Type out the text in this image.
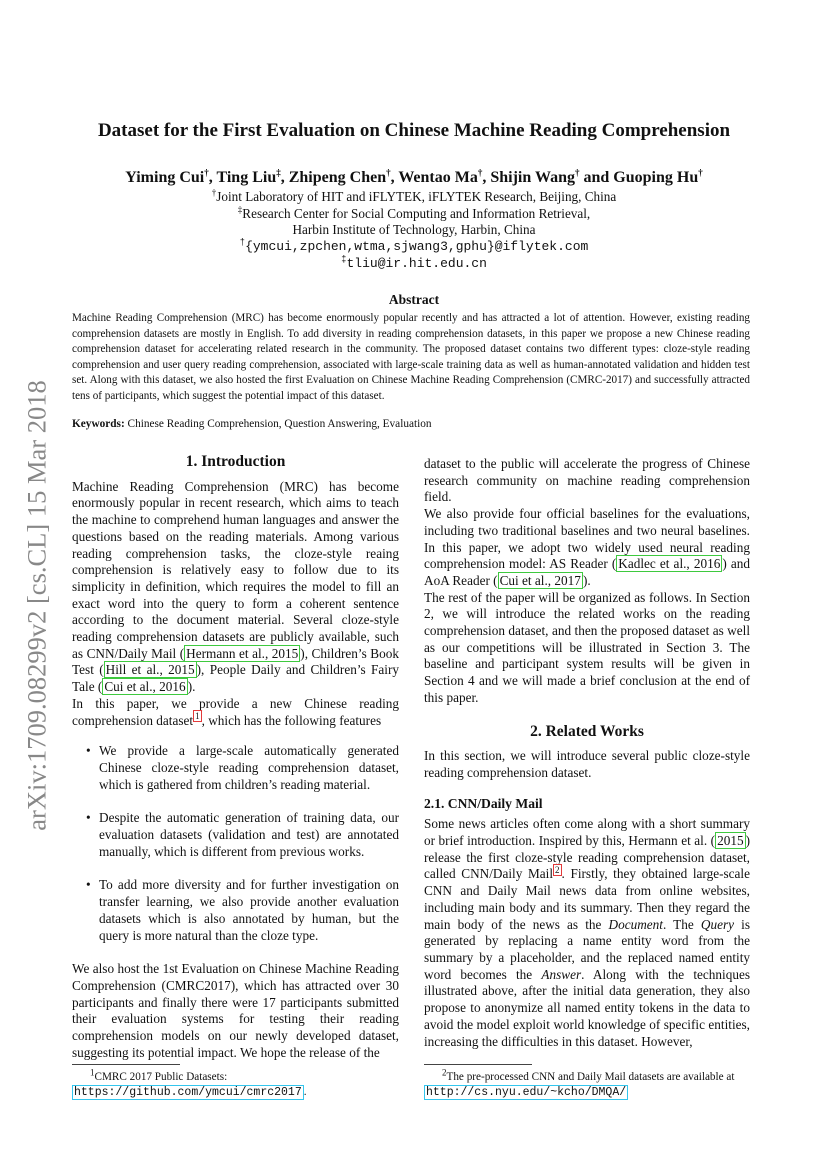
arXiv:1709.08299v2 [cs.CL] 15 Mar 2018
Dataset for the First Evaluation on Chinese Machine Reading Comprehension
Yiming Cui†, Ting Liu‡, Zhipeng Chen†, Wentao Ma†, Shijin Wang† and Guoping Hu†
†Joint Laboratory of HIT and iFLYTEK, iFLYTEK Research, Beijing, China
‡Research Center for Social Computing and Information Retrieval,
Harbin Institute of Technology, Harbin, China
†{ymcui,zpchen,wtma,sjwang3,gphu}@iflytek.com
‡tliu@ir.hit.edu.cn
Abstract
Machine Reading Comprehension (MRC) has become enormously popular recently and has attracted a lot of attention. However, existing reading comprehension datasets are mostly in English. To add diversity in reading comprehension datasets, in this paper we propose a new Chinese reading comprehension dataset for accelerating related research in the community. The proposed dataset contains two different types: cloze-style reading comprehension and user query reading comprehension, associated with large-scale training data as well as human-annotated validation and hidden test set. Along with this dataset, we also hosted the first Evaluation on Chinese Machine Reading Comprehension (CMRC-2017) and successfully attracted tens of participants, which suggest the potential impact of this dataset.
Keywords: Chinese Reading Comprehension, Question Answering, Evaluation
1. Introduction

Machine Reading Comprehension (MRC) has become enormously popular in recent research, which aims to teach the machine to comprehend human languages and answer the questions based on the reading materials. Among various reading comprehension tasks, the cloze-style reaing comprehension is relatively easy to follow due to its simplicity in definition, which requires the model to fill an exact word into the query to form a coherent sentence according to the document material. Several cloze-style reading comprehension datasets are publicly available, such as CNN/Daily Mail ( Hermann et al., 2015 ), Children’s Book Test ( Hill et al., 2015 ), People Daily and Children’s Fairy Tale ( Cui et al., 2016 ).

In this paper, we provide a new Chinese reading comprehension dataset $^1$ , which has the following features

• We provide a large-scale automatically generated Chinese cloze-style reading comprehension dataset, which is gathered from children’s reading material.
• Despite the automatic generation of training data, our evaluation datasets (validation and test) are annotated manually, which is different from previous works.
• To add more diversity and for further investigation on transfer learning, we also provide another evaluation datasets which is also annotated by human, but the query is more natural than the cloze type.

We also host the 1st Evaluation on Chinese Machine Reading Comprehension (CMRC2017), which has attracted over 30 participants and finally there were 17 participants submitted their evaluation systems for testing their reading comprehension models on our newly developed dataset, suggesting its potential impact. We hope the release of the

dataset to the public will accelerate the progress of Chinese research community on machine reading comprehension field.

We also provide four official baselines for the evaluations, including two traditional baselines and two neural baselines. In this paper, we adopt two widely used neural reading comprehension model: AS Reader ( Kadlec et al., 2016 ) and AoA Reader ( Cui et al., 2017 ).

The rest of the paper will be organized as follows. In Section 2, we will introduce the related works on the reading comprehension dataset, and then the proposed dataset as well as our competitions will be illustrated in Section 3. The baseline and participant system results will be given in Section 4 and we will made a brief conclusion at the end of this paper.

2. Related Works

In this section, we will introduce several public cloze-style reading comprehension dataset.

2.1. CNN/Daily Mail

Some news articles often come along with a short summary or brief introduction. Inspired by this, Hermann et al. ( 2015 ) release the first cloze-style reading comprehension dataset, called CNN/Daily Mail $^2$ . Firstly, they obtained large-scale CNN and Daily Mail news data from online websites, including main body and its summary. Then they regard the main body of the news as the Document. The Query is generated by replacing a name entity word from the summary by a placeholder, and the replaced named entity word becomes the Answer. Along with the techniques illustrated above, after the initial data generation, they also propose to anonymize all named entity tokens in the data to avoid the model exploit world knowledge of specific entities, increasing the difficulties in this dataset. However,

$^1$CMRC 2017 Public Datasets: https://github.com/ymcui/cmrc2017 .
$^2$The pre-processed CNN and Daily Mail datasets are available at http://cs.nyu.edu/~kcho/DMQA/
